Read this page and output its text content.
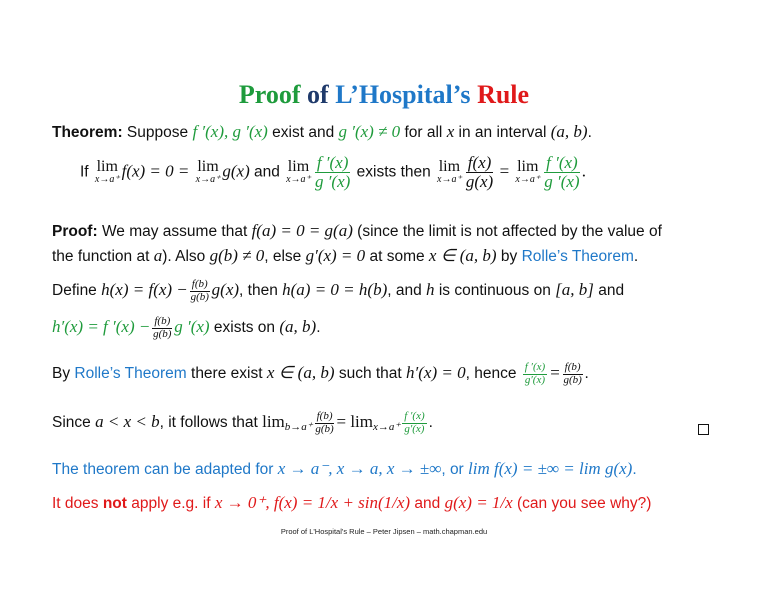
Proof of L’Hospital’s Rule
Theorem: Suppose f ′(x), g ′(x) exist and g ′(x) ≠ 0 for all x in an interval (a, b).
If lim
x→a⁺ f(x) = 0 = lim
x→a⁺ g(x) and lim
$x\to a^+ \frac{f '(x)}{g '(x)}$ exists then lim
$x\to a^+ \frac{f(x)}{g(x)} = \lim$
$x\to a^+ \frac{f '(x)}{g '(x)}$ .
Proof: We may assume that f(a) = 0 = g(a) (since the limit is not affected by the value of
the function at a). Also g(b) ≠ 0, else g′(x) = 0 at some x ∈ (a, b) by Rolle’s Theorem.
Define $h(x) = f(x) - \frac{f(b)}{g(b)} g(x)$, then h(a) = 0 = h(b), and h is continuous on [a, b] and
h′(x) = f $'(x) - \frac{f(b)}{g(b)}$ g ′(x) exists on (a, b).
By Rolle’s Theorem there exist x ∈ (a, b) such that h′(x) = 0, hence $\frac{f '(x)}{g'(x)} = \frac{f(b)}{g(b)}$ .
Since a < x < b, it follows that $\lim b\to a^+ \frac{f(b)}{g(b)} = \lim x\to a^+ \frac{f '(x)}{g'(x)}$ .
The theorem can be adapted for x → a⁻, x → a, x → ±∞, or lim f(x) = ±∞ = lim g(x).
It does not apply e.g. if x → 0⁺, f(x) = 1/x + sin(1/x) and g(x) = 1/x (can you see why?)
Proof of L'Hospital's Rule – Peter Jipsen – math.chapman.edu
